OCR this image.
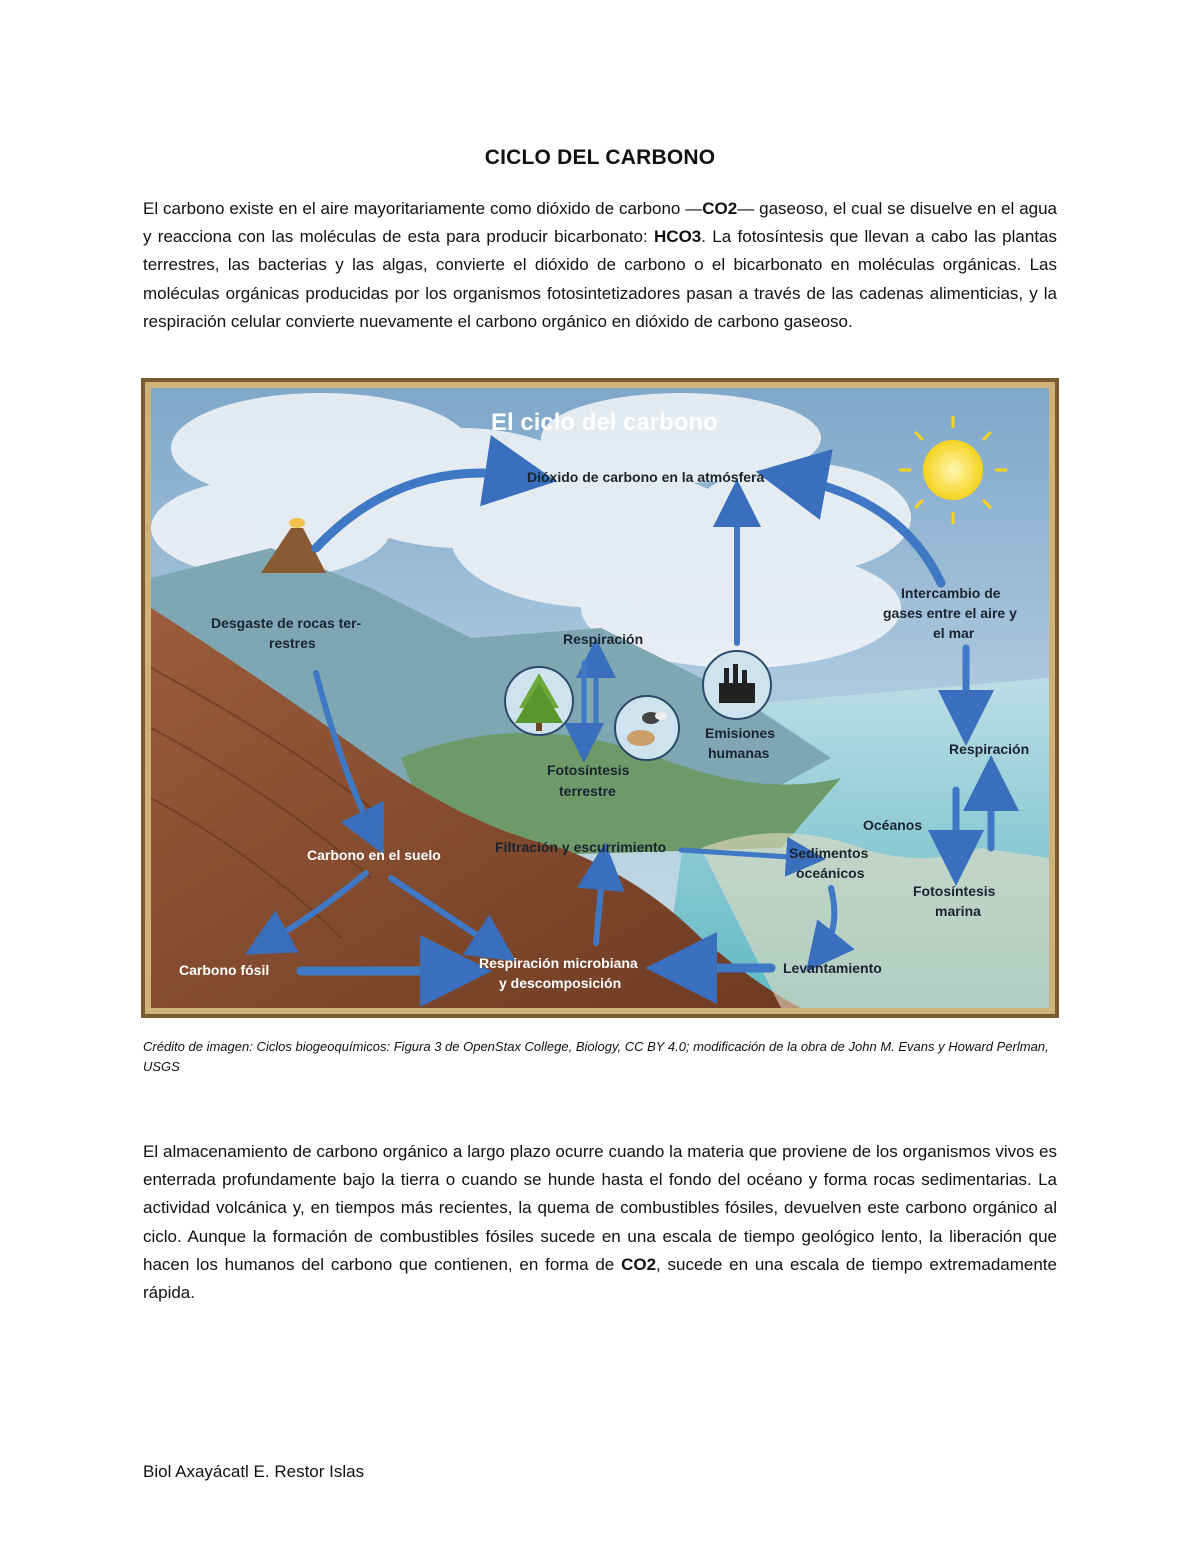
CICLO DEL CARBONO
El carbono existe en el aire mayoritariamente como dióxido de carbono —CO2— gaseoso, el cual se disuelve en el agua y reacciona con las moléculas de esta para producir bicarbonato: HCO3. La fotosíntesis que llevan a cabo las plantas terrestres, las bacterias y las algas, convierte el dióxido de carbono o el bicarbonato en moléculas orgánicas. Las moléculas orgánicas producidas por los organismos fotosintetizadores pasan a través de las cadenas alimenticias, y la respiración celular convierte nuevamente el carbono orgánico en dióxido de carbono gaseoso.
El ciclo del carbono
Dióxido de carbono en la atmósfera
Desgaste de rocas ter-
restres	Respiración
Fotosíntesis
terrestre
Emisiones
humanas
Intercambio de
gases entre el aire y
el mar
Respiración
Océanos
Fotosíntesis
marina
Carbono en el suelo	Filtración y escurrimiento	Sedimentos
oceánicos
Carbono fósil	Respiración microbiana
y descomposición
Levantamiento
Crédito de imagen: Ciclos biogeoquímicos: Figura 3 de OpenStax College, Biology, CC BY 4.0; modificación de la obra de John M. Evans y Howard Perlman, USGS
El almacenamiento de carbono orgánico a largo plazo ocurre cuando la materia que proviene de los organismos vivos es enterrada profundamente bajo la tierra o cuando se hunde hasta el fondo del océano y forma rocas sedimentarias. La actividad volcánica y, en tiempos más recientes, la quema de combustibles fósiles, devuelven este carbono orgánico al ciclo. Aunque la formación de combustibles fósiles sucede en una escala de tiempo geológico lento, la liberación que hacen los humanos del carbono que contienen, en forma de CO2, sucede en una escala de tiempo extremadamente rápida.
Biol Axayácatl E. Restor Islas
